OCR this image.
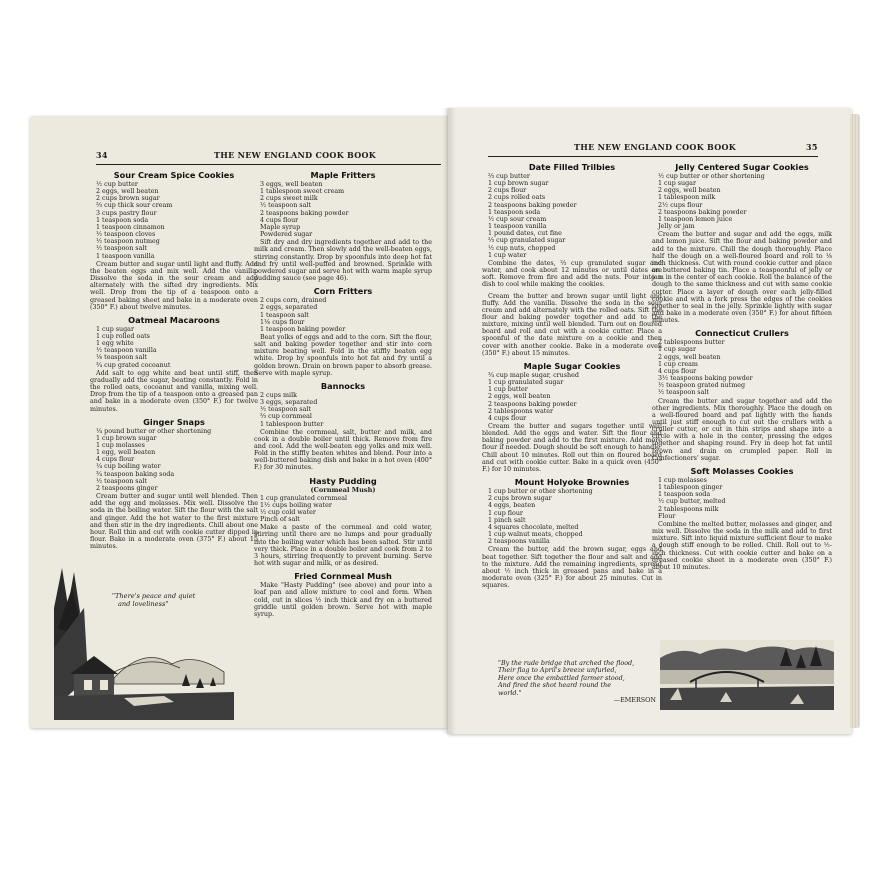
34	THE NEW ENGLAND COOK BOOK
Sour Cream Spice Cookies
½ cup butter
2 eggs, well beaten
2 cups brown sugar
⅔ cup thick sour cream
3 cups pastry flour
1 teaspoon soda
1 teaspoon cinnamon
½ teaspoon cloves
½ teaspoon nutmeg
½ teaspoon salt
1 teaspoon vanilla

Cream butter and sugar until light and fluffy. Add the beaten eggs and mix well. Add the vanilla. Dissolve the soda in the sour cream and add alternately with the sifted dry ingredients. Mix well. Drop from the tip of a teaspoon onto a greased baking sheet and bake in a moderate oven (350° F.) about twelve minutes.

Oatmeal Macaroons
1 cup sugar
1 cup rolled oats
1 egg white
½ teaspoon vanilla
⅛ teaspoon salt
¾ cup grated cocoanut

Add salt to egg white and beat until stiff, then gradually add the sugar, beating constantly. Fold in the rolled oats, cocoanut and vanilla, mixing well. Drop from the tip of a teaspoon onto a greased pan and bake in a moderate oven (350° F.) for twelve minutes.

Ginger Snaps
¼ pound butter or other shortening
1 cup brown sugar
1 cup molasses
1 egg, well beaten
4 cups flour
¼ cup boiling water
¾ teaspoon baking soda
½ teaspoon salt
2 teaspoons ginger

Cream butter and sugar until well blended. Then add the egg and molasses. Mix well. Dissolve the soda in the boiling water. Sift the flour with the salt and ginger. Add the hot water to the first mixture and then stir in the dry ingredients. Chill about one hour. Roll thin and cut with cookie cutter dipped in flour. Bake in a moderate oven (375° F.) about 15 minutes.

Maple Fritters
3 eggs, well beaten
1 tablespoon sweet cream
2 cups sweet milk
½ teaspoon salt
2 teaspoons baking powder
4 cups flour
Maple syrup
Powdered sugar

Sift dry and dry ingredients together and add to the milk and cream. Then slowly add the well-beaten eggs, stirring constantly. Drop by spoonfuls into deep hot fat and fry until well-puffed and browned. Sprinkle with powdered sugar and serve hot with warm maple syrup pudding sauce (see page 46).

Corn Fritters
2 cups corn, drained
2 eggs, separated
1 teaspoon salt
1⅛ cups flour
1 teaspoon baking powder

Beat yolks of eggs and add to the corn. Sift the flour, salt and baking powder together and stir into corn mixture beating well. Fold in the stiffly beaten egg white. Drop by spoonfuls into hot fat and fry until a golden brown. Drain on brown paper to absorb grease. Serve with maple syrup.

Bannocks
2 cups milk
3 eggs, separated
½ teaspoon salt
⅔ cup cornmeal
1 tablespoon butter

Combine the cornmeal, salt, butter and milk, and cook in a double boiler until thick. Remove from fire and cool. Add the well-beaten egg yolks and mix well. Fold in the stiffly beaten whites and blend. Pour into a well-buttered baking dish and bake in a hot oven (400° F.) for 30 minutes.

Hasty Pudding
(Cornmeal Mush)
1 cup granulated cornmeal
1½ cups boiling water
½ cup cold water
Pinch of salt

Make a paste of the cornmeal and cold water, stirring until there are no lumps and pour gradually into the boiling water which has been salted. Stir until very thick. Place in a double boiler and cook from 2 to 3 hours, stirring frequently to prevent burning. Serve hot with sugar and milk, or as desired.

Fried Cornmeal Mush

Make "Hasty Pudding" (see above) and pour into a loaf pan and allow mixture to cool and form. When cold, cut in slices ½ inch thick and fry on a buttered griddle until golden brown. Serve hot with maple syrup.

"There's peace and quiet
and loveliness"
THE NEW ENGLAND COOK BOOK	35
Date Filled Trilbies
⅔ cup butter
1 cup brown sugar
2 cups flour
2 cups rolled oats
2 teaspoons baking powder
1 teaspoon soda
½ cup sour cream
1 teaspoon vanilla
1 pound dates, cut fine
⅔ cup granulated sugar
½ cup nuts, chopped
1 cup water

Combine the dates, ⅔ cup granulated sugar and water, and cook about 12 minutes or until dates are soft. Remove from fire and add the nuts. Pour into a dish to cool while making the cookies.

Cream the butter and brown sugar until light and fluffy. Add the vanilla. Dissolve the soda in the sour cream and add alternately with the rolled oats. Sift the flour and baking powder together and add to the mixture, mixing until well blended. Turn out on floured board and roll and cut with a cookie cutter. Place a spoonful of the date mixture on a cookie and then cover with another cookie. Bake in a moderate oven (350° F.) about 15 minutes.

Maple Sugar Cookies
¾ cup maple sugar, crushed
1 cup granulated sugar
1 cup butter
2 eggs, well beaten
2 teaspoons baking powder
2 tablespoons water
4 cups flour

Cream the butter and sugars together until well blended. Add the eggs and water. Sift the flour and baking powder and add to the first mixture. Add more flour if needed. Dough should be soft enough to handle. Chill about 10 minutes. Roll out thin on floured board and cut with cookie cutter. Bake in a quick oven (450° F.) for 10 minutes.

Mount Holyoke Brownies
1 cup butter or other shortening
2 cups brown sugar
4 eggs, beaten
1 cup flour
1 pinch salt
4 squares chocolate, melted
1 cup walnut meats, chopped
2 teaspoons vanilla

Cream the butter, add the brown sugar, eggs and beat together. Sift together the flour and salt and add to the mixture. Add the remaining ingredients, spread about ½ inch thick in greased pans and bake in a moderate oven (325° F.) for about 25 minutes. Cut in squares.

Jelly Centered Sugar Cookies
½ cup butter or other shortening
1 cup sugar
2 eggs, well beaten
1 tablespoon milk
2½ cups flour
2 teaspoons baking powder
1 teaspoon lemon juice
Jelly or jam

Cream the butter and sugar and add the eggs, milk and lemon juice. Sift the flour and baking powder and add to the mixture. Chill the dough thoroughly. Place half the dough on a well-floured board and roll to ⅛ inch thickness. Cut with round cookie cutter and place on buttered baking tin. Place a teaspoonful of jelly or jam in the center of each cookie. Roll the balance of the dough to the same thickness and cut with same cookie cutter. Place a layer of dough over each jelly-filled cookie and with a fork press the edges of the cookies together to seal in the jelly. Sprinkle lightly with sugar and bake in a moderate oven (350° F.) for about fifteen minutes.

Connecticut Crullers
2 tablespoons butter
1 cup sugar
2 eggs, well beaten
1 cup cream
4 cups flour
3½ teaspoons baking powder
½ teaspoon grated nutmeg
½ teaspoon salt

Cream the butter and sugar together and add the other ingredients. Mix thoroughly. Place the dough on a well-floured board and pat lightly with the hands until just stiff enough to cut out the crullers with a cruller cutter, or cut in thin strips and shape into a circle with a hole in the center, pressing the edges together and shaping round. Fry in deep hot fat until brown and drain on crumpled paper. Roll in Confectioners' sugar.

Soft Molasses Cookies
1 cup molasses
1 tablespoon ginger
1 teaspoon soda
½ cup butter, melted
2 tablespoons milk
Flour

Combine the melted butter, molasses and ginger, and mix well. Dissolve the soda in the milk and add to first mixture. Sift into liquid mixture sufficient flour to make a dough stiff enough to be rolled. Chill. Roll out to ½-inch thickness. Cut with cookie cutter and bake on a greased cookie sheet in a moderate oven (350° F.) about 10 minutes.

"By the rude bridge that arched the flood,
Their flag to April's breeze unfurled,
Here once the embattled farmer stood,
And fired the shot heard round the
world."
—EMERSON
